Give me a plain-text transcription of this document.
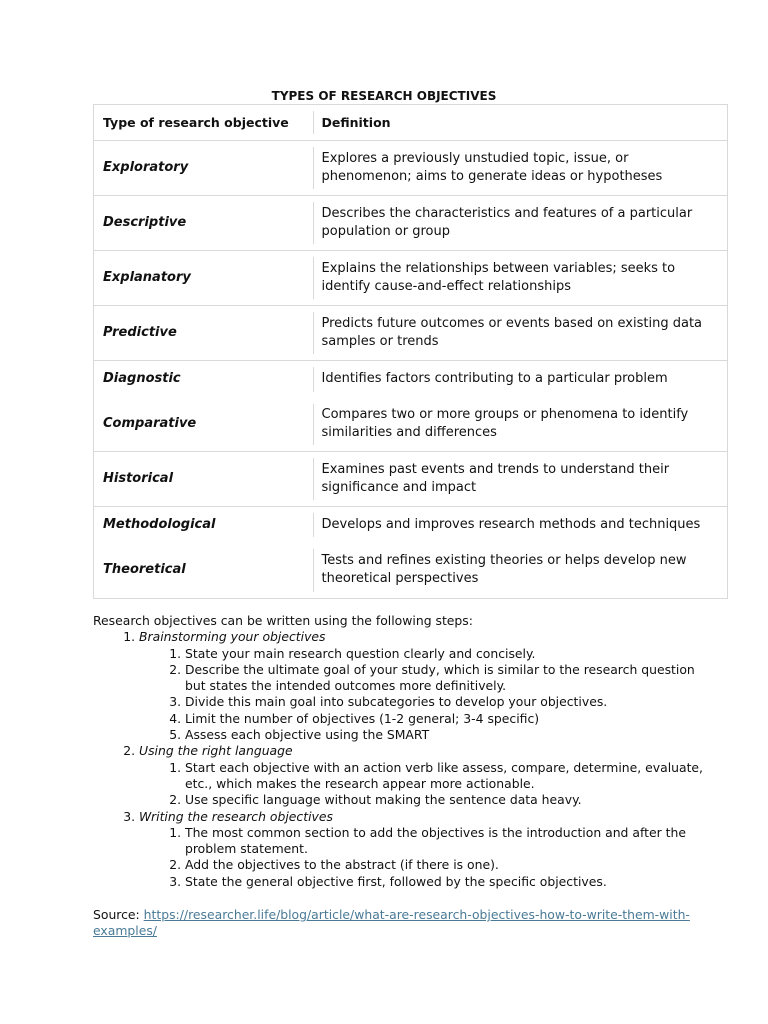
TYPES OF RESEARCH OBJECTIVES
Type of research objective	Definition
Exploratory	Explores a previously unstudied topic, issue, or phenomenon; aims to generate ideas or hypotheses
Descriptive	Describes the characteristics and features of a particular population or group
Explanatory	Explains the relationships between variables; seeks to identify cause-and-effect relationships
Predictive	Predicts future outcomes or events based on existing data samples or trends
Diagnostic	Identifies factors contributing to a particular problem
Comparative	Compares two or more groups or phenomena to identify similarities and differences
Historical	Examines past events and trends to understand their significance and impact
Methodological	Develops and improves research methods and techniques
Theoretical	Tests and refines existing theories or helps develop new theoretical perspectives

Research objectives can be written using the following steps:

1. Brainstorming your objectives
1. State your main research question clearly and concisely.
2. Describe the ultimate goal of your study, which is similar to the research question but states the intended outcomes more definitively.
3. Divide this main goal into subcategories to develop your objectives.
4. Limit the number of objectives (1-2 general; 3-4 specific)
5. Assess each objective using the SMART
2. Using the right language
1. Start each objective with an action verb like assess, compare, determine, evaluate, etc., which makes the research appear more actionable.
2. Use specific language without making the sentence data heavy.
3. Writing the research objectives
1. The most common section to add the objectives is the introduction and after the problem statement.
2. Add the objectives to the abstract (if there is one).
3. State the general objective first, followed by the specific objectives.
Source: https://researcher.life/blog/article/what-are-research-objectives-how-to-write-them-with-examples/
